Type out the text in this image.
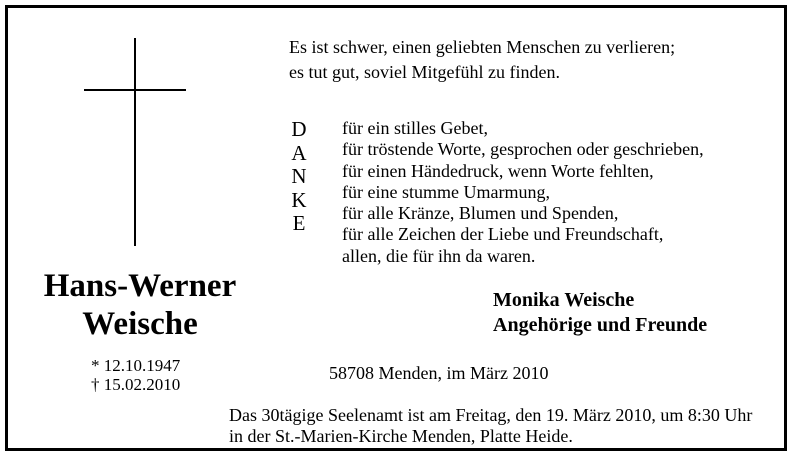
Es ist schwer, einen geliebten Menschen zu verlieren;
es tut gut, soviel Mitgefühl zu finden.
D
A
N
K
E
für ein stilles Gebet,
für tröstende Worte, gesprochen oder geschrieben,
für einen Händedruck, wenn Worte fehlten,
für eine stumme Umarmung,
für alle Kränze, Blumen und Spenden,
für alle Zeichen der Liebe und Freundschaft,
allen, die für ihn da waren.
Hans-Werner
Weische
* 12.10.1947
† 15.02.2010
Monika Weische
Angehörige und Freunde
58708 Menden, im März 2010
Das 30tägige Seelenamt ist am Freitag, den 19. März 2010, um 8:30 Uhr
in der St.-Marien-Kirche Menden, Platte Heide.
